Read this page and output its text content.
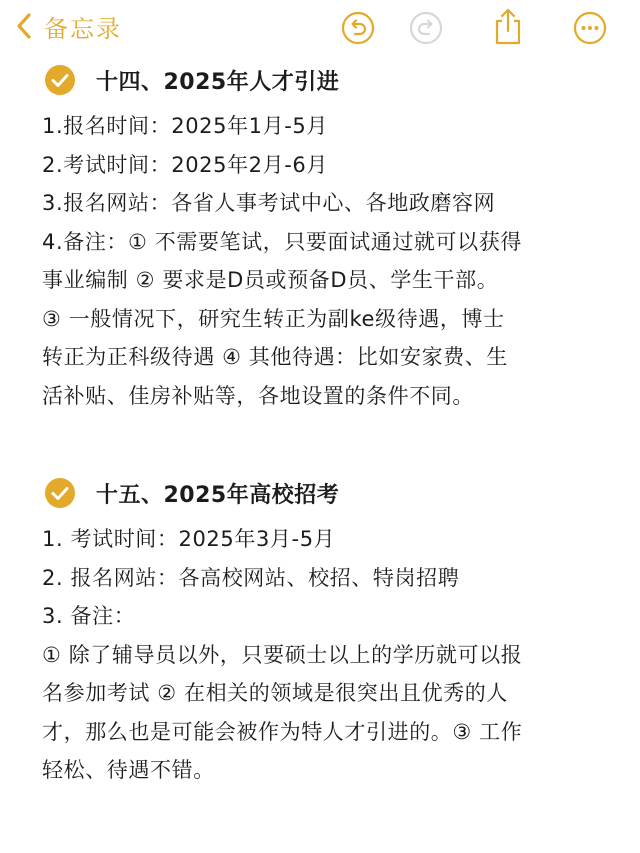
备忘录
十四、2025年人才引进
1.报名时间：2025年1月-5月
2.考试时间：2025年2月-6月
3.报名网站：各省人事考试中心、各地政磨容网
4.备注：① 不需要笔试，只要面试通过就可以获得
事业编制 ② 要求是D员或预备D员、学生干部。
③ 一般情况下，研究生转正为副ke级待遇，博士
转正为正科级待遇 ④ 其他待遇：比如安家费、生
活补贴、佳房补贴等，各地设置的条件不同。
十五、2025年高校招考
1. 考试时间：2025年3月-5月
2. 报名网站：各高校网站、校招、特岗招聘
3. 备注：
① 除了辅导员以外，只要硕士以上的学历就可以报
名参加考试 ② 在相关的领域是很突出且优秀的人
才，那么也是可能会被作为特人才引进的。③ 工作
轻松、待遇不错。
